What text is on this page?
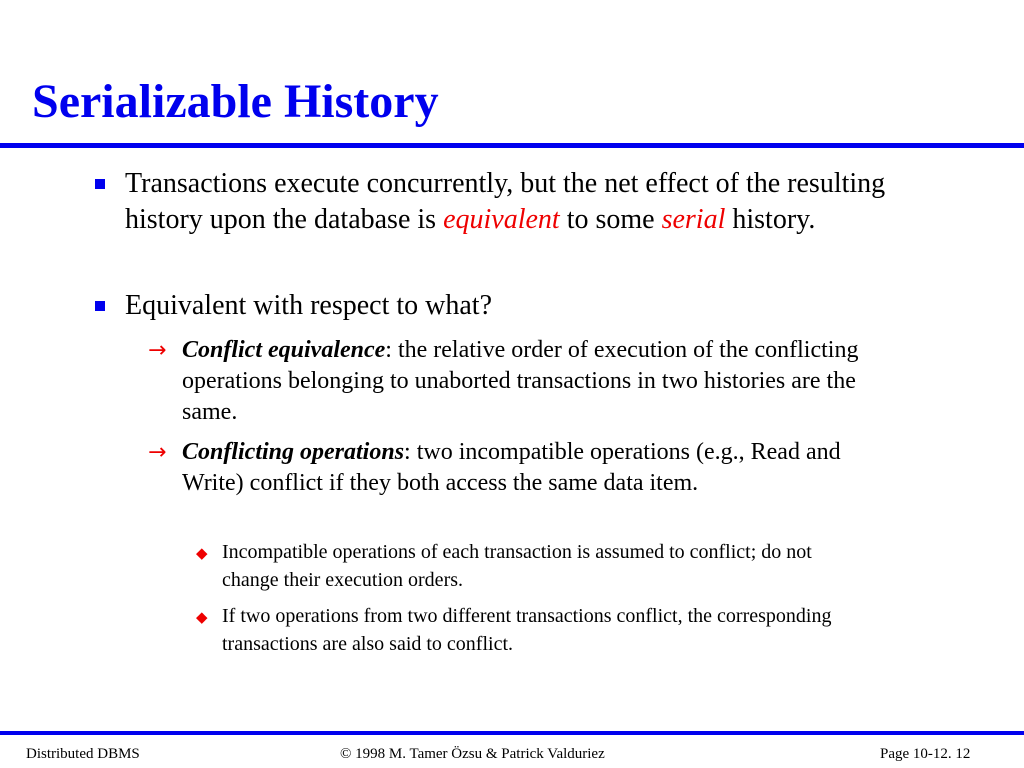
Serializable History
Transactions execute concurrently, but the net effect of the resulting history upon the database is equivalent to some serial history.
Equivalent with respect to what?
→ Conflict equivalence: the relative order of execution of the conflicting operations belonging to unaborted transactions in two histories are the same.
→ Conflicting operations: two incompatible operations (e.g., Read and Write) conflict if they both access the same data item.
◆ Incompatible operations of each transaction is assumed to conflict; do not change their execution orders.
◆ If two operations from two different transactions conflict, the corresponding transactions are also said to conflict.
Distributed DBMS	© 1998 M. Tamer Özsu & Patrick Valduriez	Page 10-12. 12
